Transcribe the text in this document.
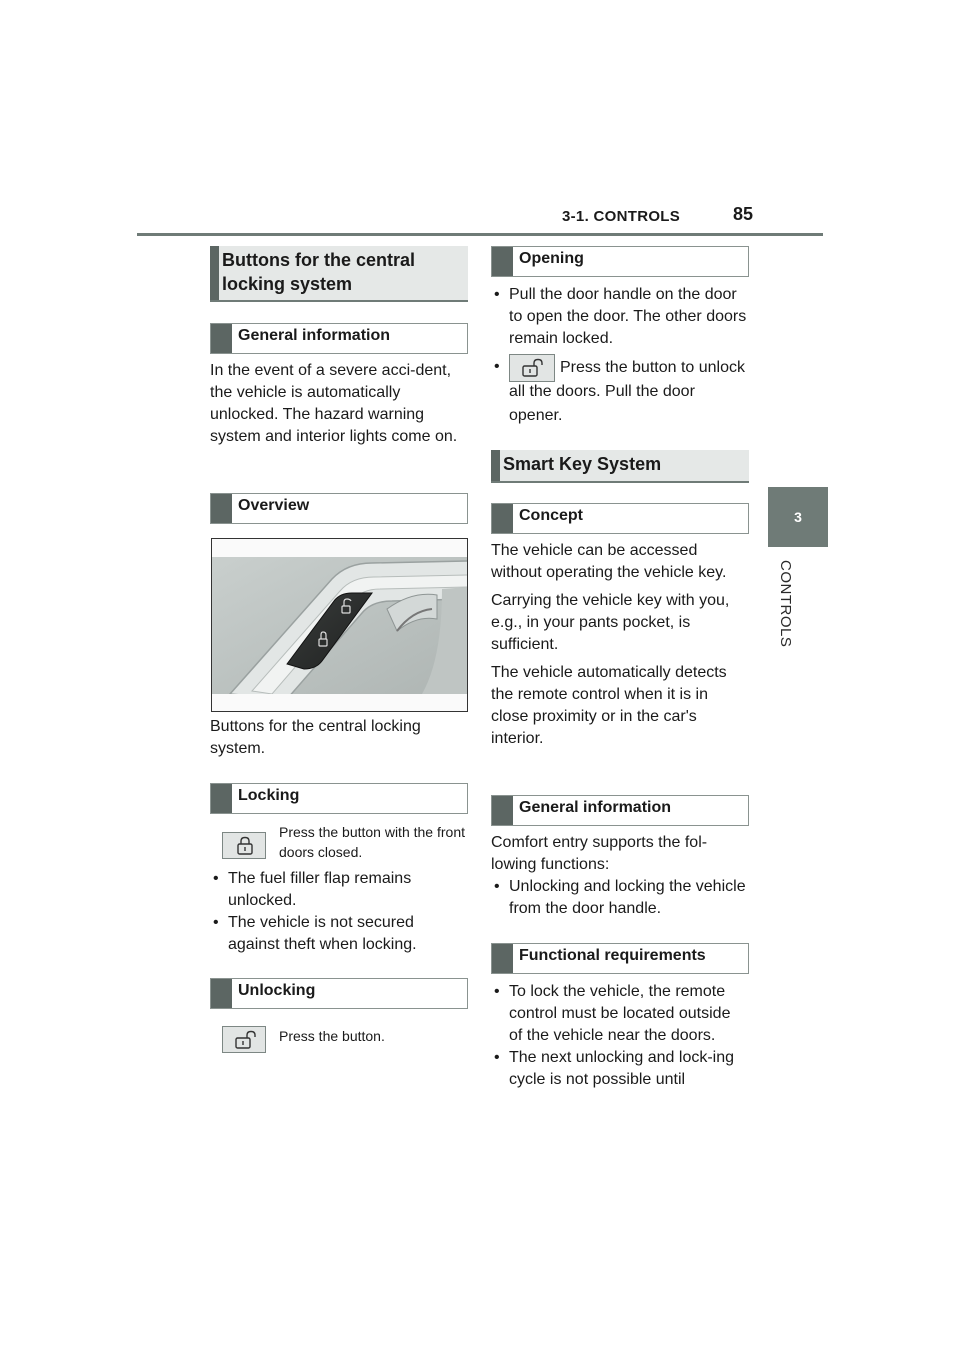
3-1. CONTROLS	85
3
CONTROLS
Buttons for the central locking system
General information
In the event of a severe acci-dent, the vehicle is automatically unlocked. The hazard warning system and interior lights come on.
Overview
Buttons for the central locking system.
Locking
Press the button with the front doors closed.
• The fuel filler flap remains unlocked.
• The vehicle is not secured against theft when locking.
Unlocking
Press the button.
Opening
• Pull the door handle on the door to open the door. The other doors remain locked.
•	Press the button to unlock all the doors. Pull the door opener.
Smart Key System
Concept

The vehicle can be accessed without operating the vehicle key.

Carrying the vehicle key with you, e.g., in your pants pocket, is sufficient.

The vehicle automatically detects the remote control when it is in close proximity or in the car's interior.

General information

Comfort entry supports the fol-lowing functions:

• Unlocking and locking the vehicle from the door handle.
Functional requirements
• To lock the vehicle, the remote control must be located outside of the vehicle near the doors.
• The next unlocking and lock-ing cycle is not possible until
